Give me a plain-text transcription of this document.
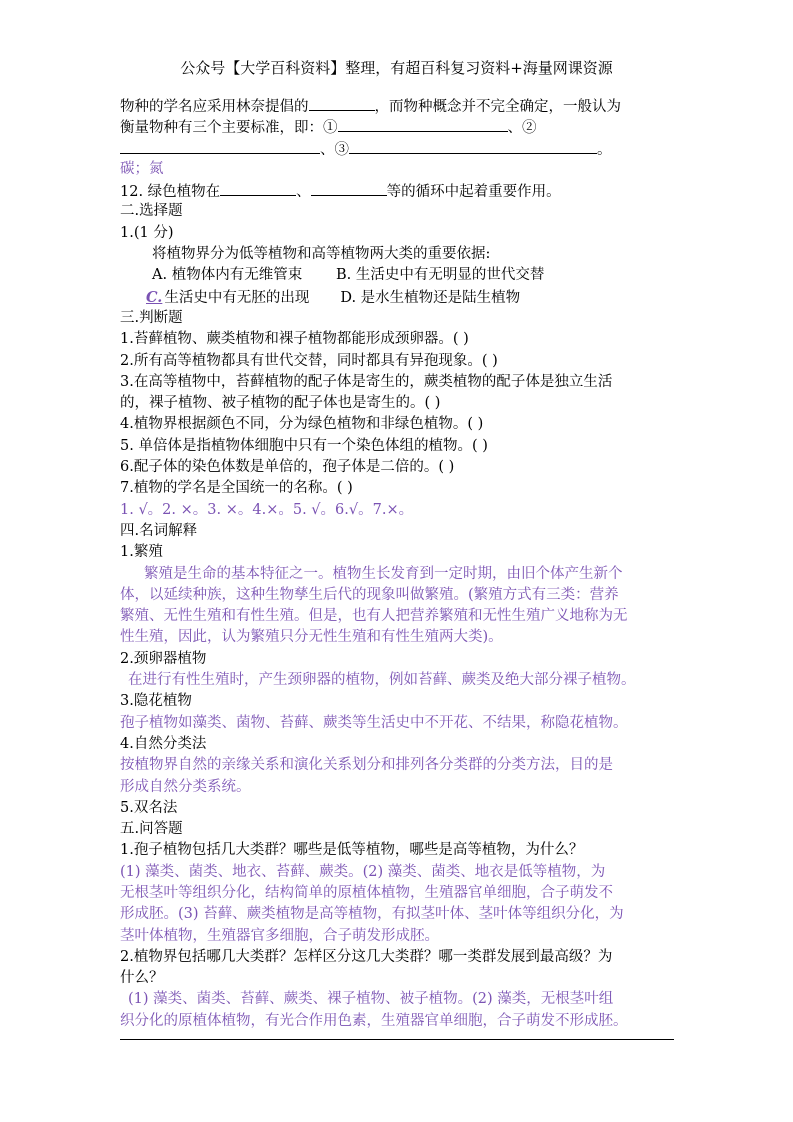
公众号【大学百科资料】整理，有超百科复习资料+海量网课资源
物种的学名应采用林奈提倡的	，而物种概念并不完全确定，一般认为
衡量物种有三个主要标准，即：①	、②
、③	。
碳；氮
12. 绿色植物在	、	等的循环中起着重要作用。
二.选择题
1.(1 分)
将植物界分为低等植物和高等植物两大类的重要依据:
A. 植物体内有无维管束 B. 生活史中有无明显的世代交替
C. 生活史中有无胚的出现 D. 是水生植物还是陆生植物
三.判断题
1.苔藓植物、蕨类植物和裸子植物都能形成颈卵器。( )
2.所有高等植物都具有世代交替，同时都具有异孢现象。( )
3.在高等植物中，苔藓植物的配子体是寄生的，蕨类植物的配子体是独立生活
的，裸子植物、被子植物的配子体也是寄生的。( )
4.植物界根据颜色不同，分为绿色植物和非绿色植物。( )
5. 单倍体是指植物体细胞中只有一个染色体组的植物。( )
6.配子体的染色体数是单倍的，孢子体是二倍的。( )
7.植物的学名是全国统一的名称。( )
1. √。2. ×。3. ×。4.×。5. √。6.√。7.×。
四.名词解释
1.繁殖
繁殖是生命的基本特征之一。植物生长发育到一定时期，由旧个体产生新个
体，以延续种族，这种生物孳生后代的现象叫做繁殖。(繁殖方式有三类：营养
繁殖、无性生殖和有性生殖。但是，也有人把营养繁殖和无性生殖广义地称为无
性生殖，因此，认为繁殖只分无性生殖和有性生殖两大类)。
2.颈卵器植物
在进行有性生殖时，产生颈卵器的植物，例如苔藓、蕨类及绝大部分裸子植物。
3.隐花植物
孢子植物如藻类、菌物、苔藓、蕨类等生活史中不开花、不结果，称隐花植物。
4.自然分类法
按植物界自然的亲缘关系和演化关系划分和排列各分类群的分类方法，目的是
形成自然分类系统。
5.双名法
五.问答题
1.孢子植物包括几大类群？哪些是低等植物，哪些是高等植物，为什么？
(1) 藻类、菌类、地衣、苔藓、蕨类。(2) 藻类、菌类、地衣是低等植物，为
无根茎叶等组织分化，结构简单的原植体植物，生殖器官单细胞，合子萌发不
形成胚。(3) 苔藓、蕨类植物是高等植物，有拟茎叶体、茎叶体等组织分化，为
茎叶体植物，生殖器官多细胞，合子萌发形成胚。
2.植物界包括哪几大类群？怎样区分这几大类群？哪一类群发展到最高级？为
什么？
(1) 藻类、菌类、苔藓、蕨类、裸子植物、被子植物。(2) 藻类，无根茎叶组
织分化的原植体植物，有光合作用色素，生殖器官单细胞，合子萌发不形成胚。
